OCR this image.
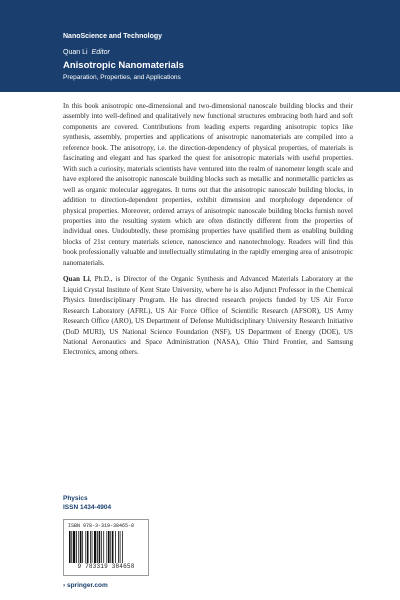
NanoScience and Technology
Quan Li Editor
Anisotropic Nanomaterials
Preparation, Properties, and Applications

In this book anisotropic one-dimensional and two-dimensional nanoscale building blocks and their assembly into well-defined and qualitatively new functional structures embracing both hard and soft components are covered. Contributions from leading experts regarding anisotropic topics like synthesis, assembly, properties and applications of anisotropic nanomaterials are compiled into a reference book. The anisotropy, i.e. the direction-dependency of physical properties, of materials is fascinating and elegant and has sparked the quest for anisotropic materials with useful properties. With such a curiosity, materials scientists have ventured into the realm of nanometer length scale and have explored the anisotropic nanoscale building blocks such as metallic and nonmetallic particles as well as organic molecular aggregates. It turns out that the anisotropic nanoscale building blocks, in addition to direction-dependent properties, exhibit dimension and morphology dependence of physical properties. Moreover, ordered arrays of anisotropic nanoscale building blocks furnish novel properties into the resulting system which are often distinctly different from the properties of individual ones. Undoubtedly, these promising properties have qualified them as enabling building blocks of 21st century materials science, nanoscience and nanotechnology. Readers will find this book professionally valuable and intellectually stimulating in the rapidly emerging area of anisotropic nanomaterials.

Quan Li, Ph.D., is Director of the Organic Synthesis and Advanced Materials Laboratory at the Liquid Crystal Institute of Kent State University, where he is also Adjunct Professor in the Chemical Physics Interdisciplinary Program. He has directed research projects funded by US Air Force Research Laboratory (AFRL), US Air Force Office of Scientific Research (AFSOR), US Army Research Office (ARO), US Department of Defense Multidisciplinary University Research Initiative (DoD MURI), US National Science Foundation (NSF), US Department of Energy (DOE), US National Aeronautics and Space Administration (NASA), Ohio Third Frontier, and Samsung Electronics, among others.

Physics
ISSN 1434-4904
ISBN 978-3-319-38465-8
9 783319 384658
› springer.com
